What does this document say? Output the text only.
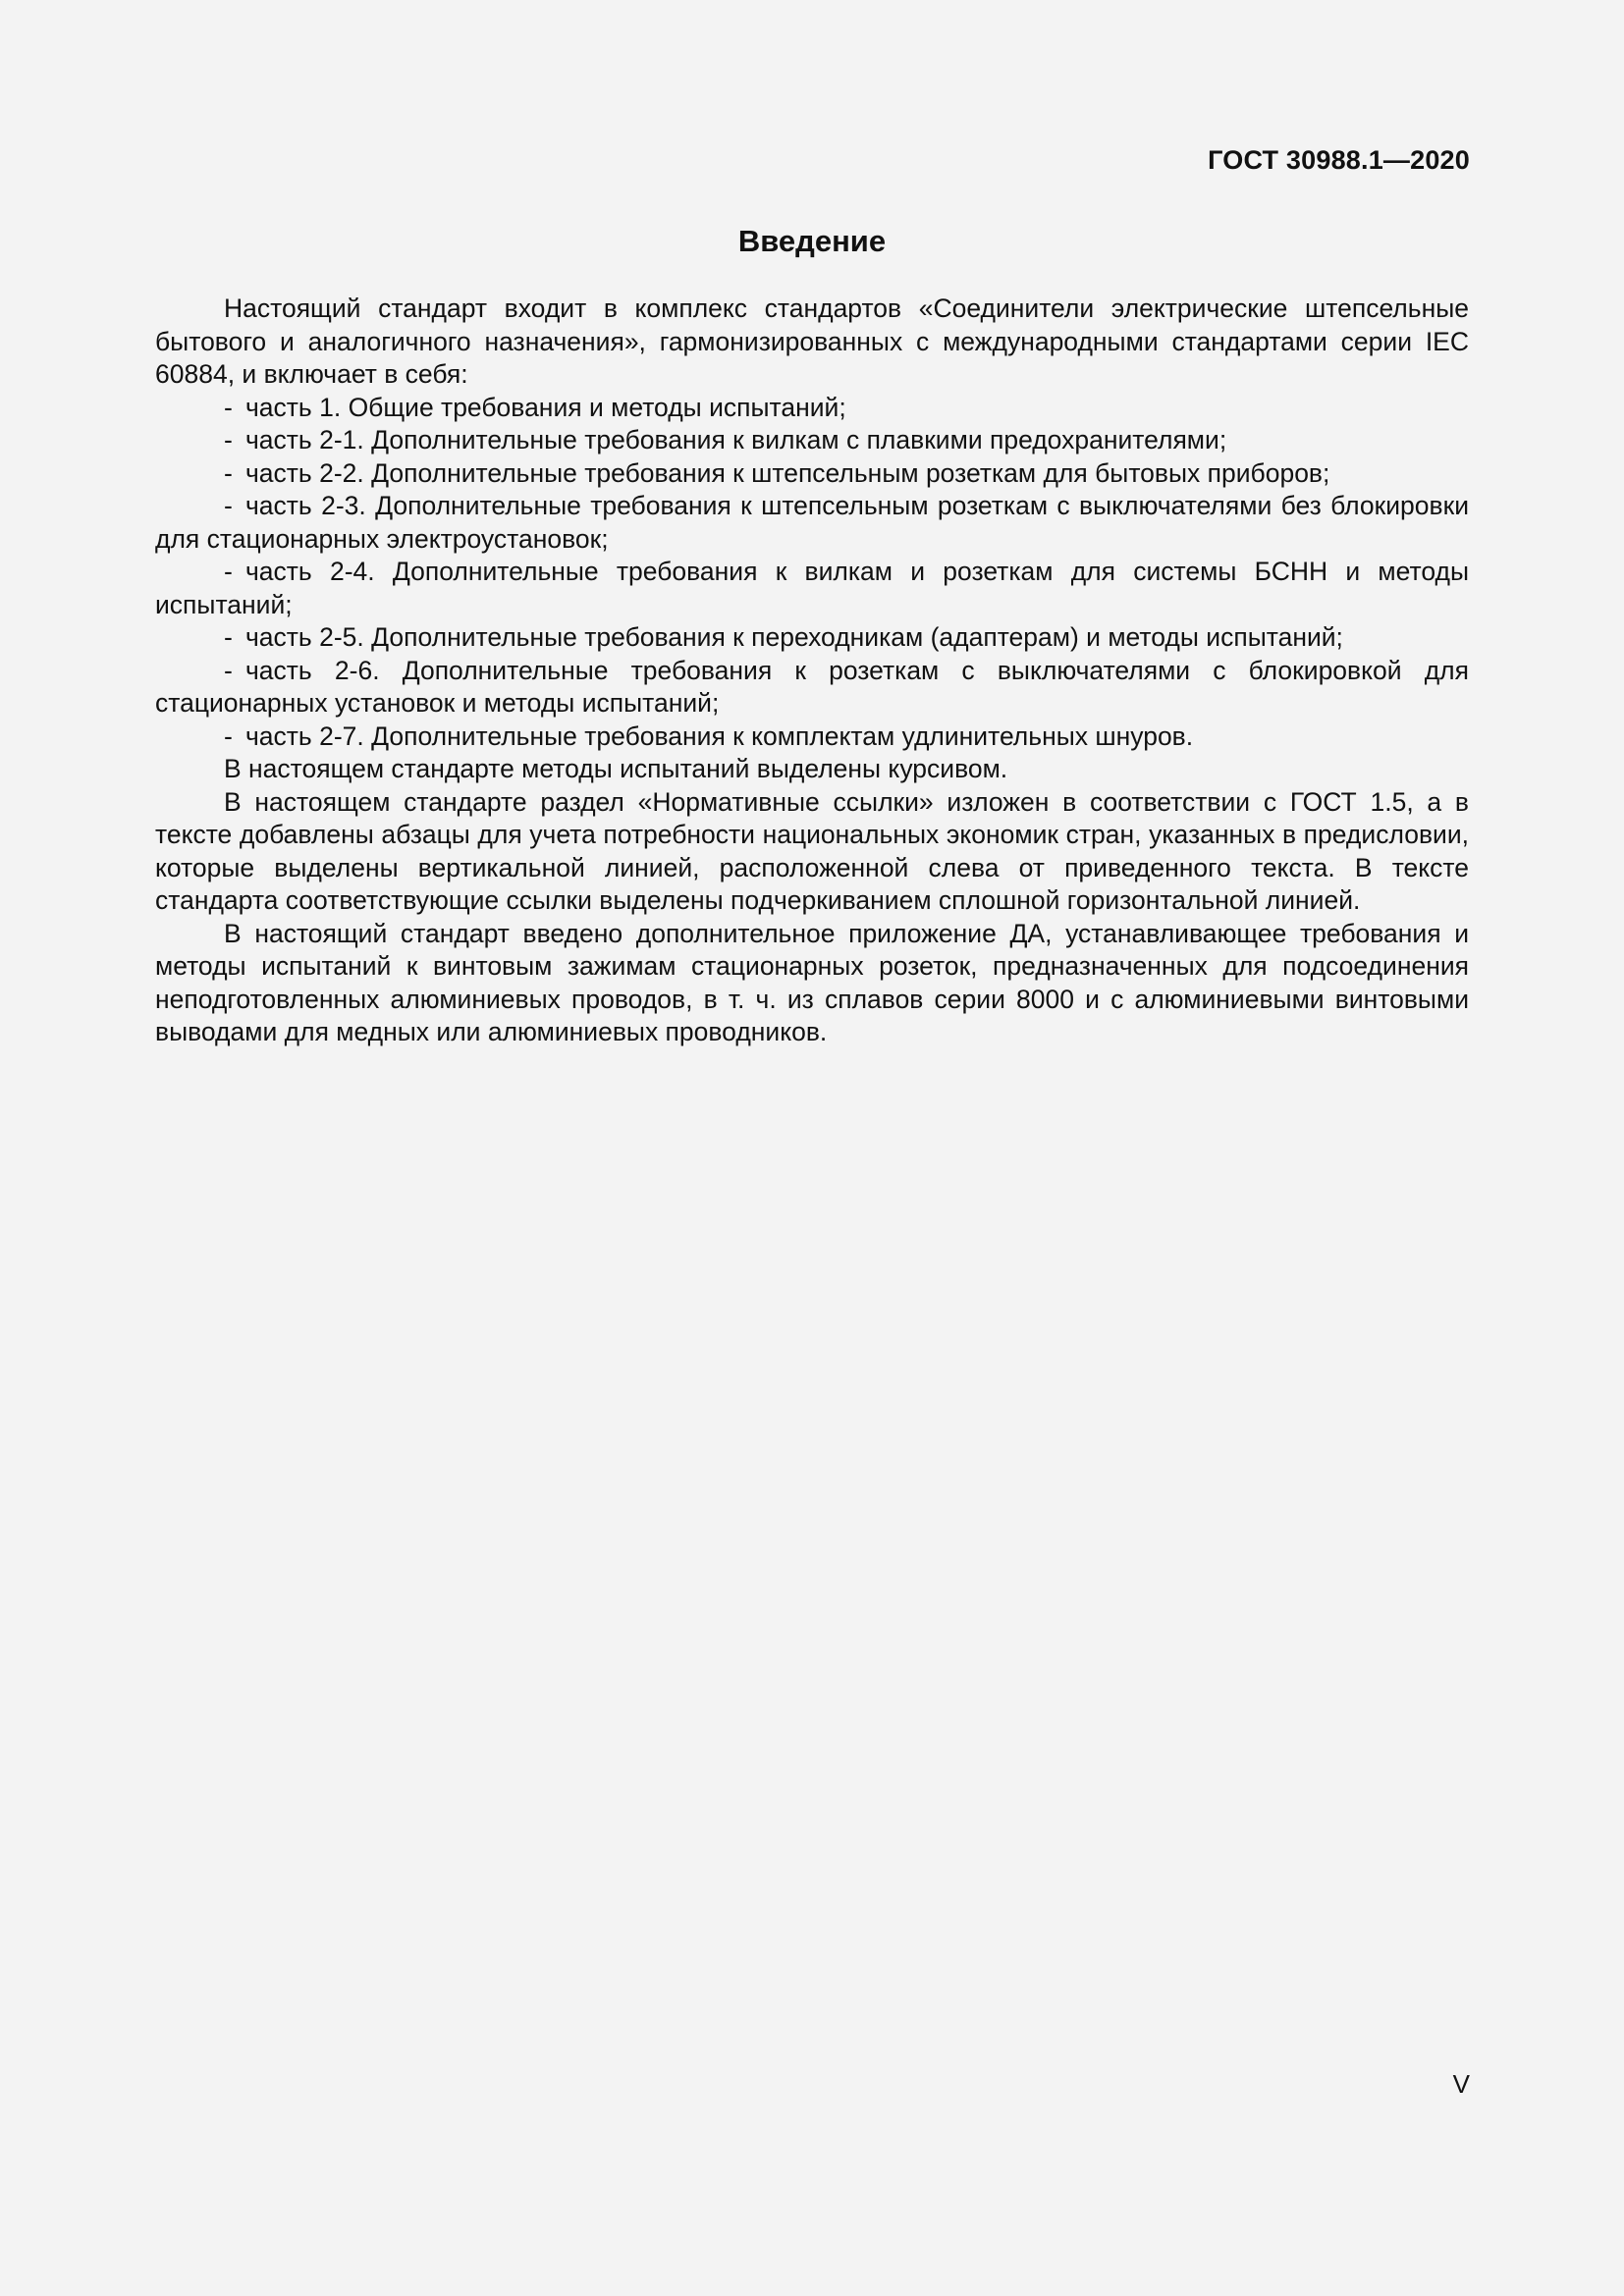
ГОСТ 30988.1—2020
Введение

Настоящий стандарт входит в комплекс стандартов «Соединители электрические штепсельные бытового и аналогичного назначения», гармонизированных с международными стандартами серии IEC 60884, и включает в себя:

- часть 1. Общие требования и методы испытаний;

- часть 2-1. Дополнительные требования к вилкам с плавкими предохранителями;

- часть 2-2. Дополнительные требования к штепсельным розеткам для бытовых приборов;

- часть 2-3. Дополнительные требования к штепсельным розеткам с выключателями без блокировки для стационарных электроустановок;

- часть 2-4. Дополнительные требования к вилкам и розеткам для системы БСНН и методы испытаний;

- часть 2-5. Дополнительные требования к переходникам (адаптерам) и методы испытаний;

- часть 2-6. Дополнительные требования к розеткам с выключателями с блокировкой для стационарных установок и методы испытаний;

- часть 2-7. Дополнительные требования к комплектам удлинительных шнуров.

В настоящем стандарте методы испытаний выделены курсивом.

В настоящем стандарте раздел «Нормативные ссылки» изложен в соответствии с ГОСТ 1.5, а в тексте добавлены абзацы для учета потребности национальных экономик стран, указанных в предисловии, которые выделены вертикальной линией, расположенной слева от приведенного текста. В тексте стандарта соответствующие ссылки выделены подчеркиванием сплошной горизонтальной линией.

В настоящий стандарт введено дополнительное приложение ДА, устанавливающее требования и методы испытаний к винтовым зажимам стационарных розеток, предназначенных для подсоединения неподготовленных алюминиевых проводов, в т. ч. из сплавов серии 8000 и с алюминиевыми винтовыми выводами для медных или алюминиевых проводников.

V
